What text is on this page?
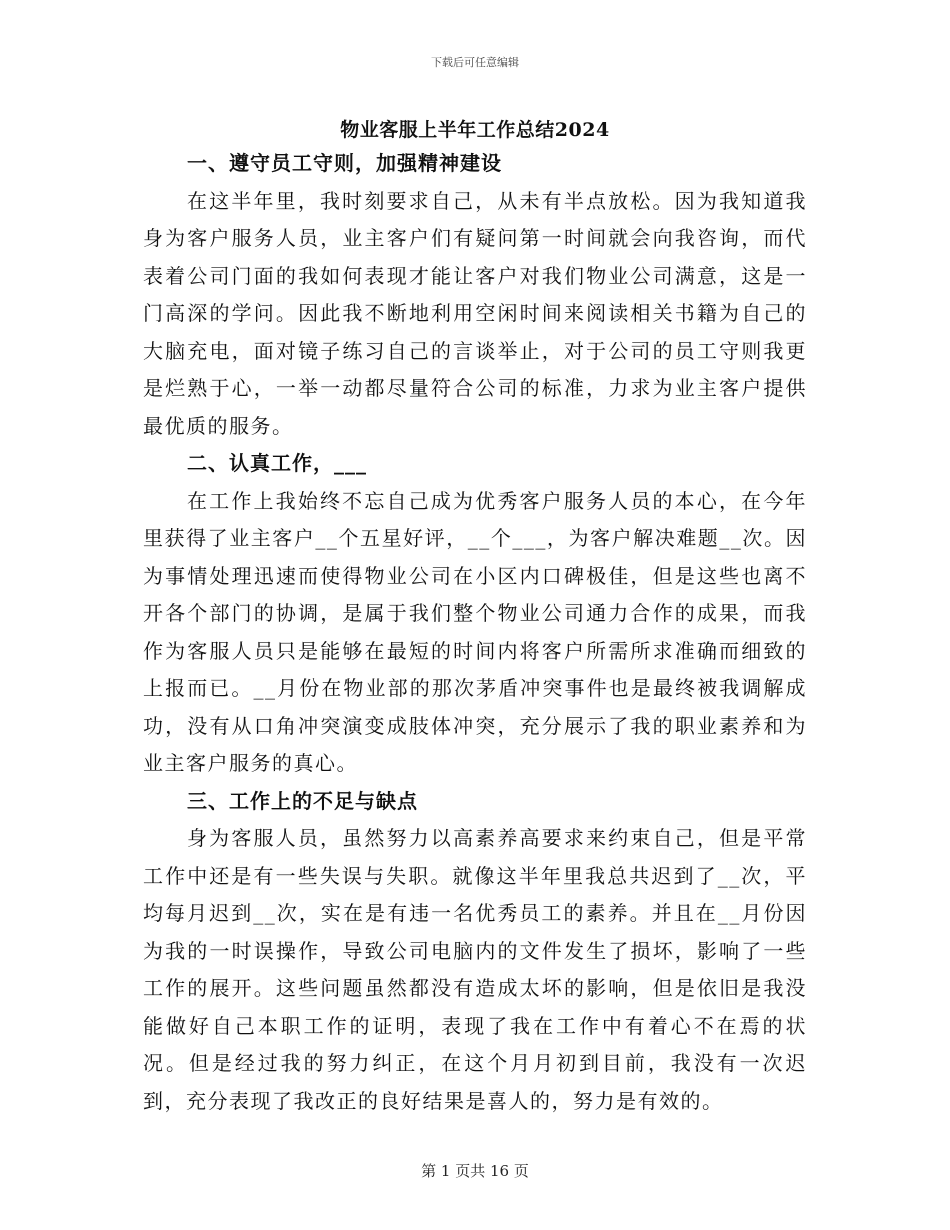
下载后可任意编辑
物业客服上半年工作总结2024
一、遵守员工守则，加强精神建设

在这半年里，我时刻要求自己，从未有半点放松。因为我知道我身为客户服务人员，业主客户们有疑问第一时间就会向我咨询，而代表着公司门面的我如何表现才能让客户对我们物业公司满意，这是一门高深的学问。因此我不断地利用空闲时间来阅读相关书籍为自己的大脑充电，面对镜子练习自己的言谈举止，对于公司的员工守则我更是烂熟于心，一举一动都尽量符合公司的标准，力求为业主客户提供最优质的服务。

二、认真工作，___

在工作上我始终不忘自己成为优秀客户服务人员的本心，在今年里获得了业主客户__个五星好评，__个___，为客户解决难题__次。因为事情处理迅速而使得物业公司在小区内口碑极佳，但是这些也离不开各个部门的协调，是属于我们整个物业公司通力合作的成果，而我作为客服人员只是能够在最短的时间内将客户所需所求准确而细致的上报而已。__月份在物业部的那次茅盾冲突事件也是最终被我调解成功，没有从口角冲突演变成肢体冲突，充分展示了我的职业素养和为业主客户服务的真心。

三、工作上的不足与缺点

身为客服人员，虽然努力以高素养高要求来约束自己，但是平常工作中还是有一些失误与失职。就像这半年里我总共迟到了__次，平均每月迟到__次，实在是有违一名优秀员工的素养。并且在__月份因为我的一时误操作，导致公司电脑内的文件发生了损坏，影响了一些工作的展开。这些问题虽然都没有造成太坏的影响，但是依旧是我没能做好自己本职工作的证明，表现了我在工作中有着心不在焉的状况。但是经过我的努力纠正，在这个月月初到目前，我没有一次迟到，充分表现了我改正的良好结果是喜人的，努力是有效的。

第 1 页共 16 页
